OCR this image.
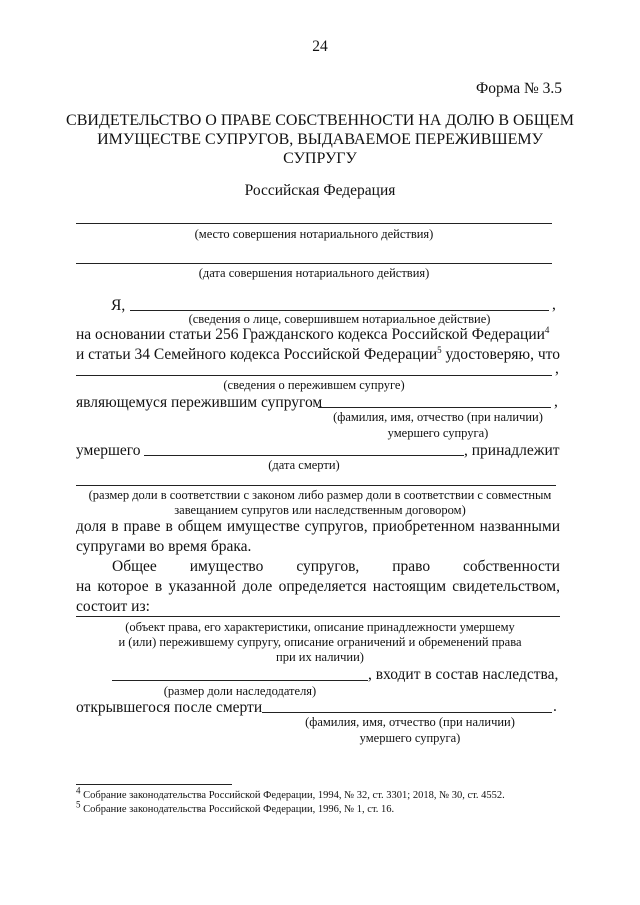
24
Форма № 3.5
СВИДЕТЕЛЬСТВО О ПРАВЕ СОБСТВЕННОСТИ НА ДОЛЮ В ОБЩЕМ
ИМУЩЕСТВЕ СУПРУГОВ, ВЫДАВАЕМОЕ ПЕРЕЖИВШЕМУ
СУПРУГУ
Российская Федерация
(место совершения нотариального действия)
(дата совершения нотариального действия)
Я,	,
(сведения о лице, совершившем нотариальное действие)
на основании статьи 256 Гражданского кодекса Российской Федерации$^4$
и статьи 34 Семейного кодекса Российской Федерации$^5$ удостоверяю, что
,
(сведения о пережившем супруге)
являющемуся пережившим супругом	,
(фамилия, имя, отчество (при наличии)
умершего супруга)
умершего	, принадлежит
(дата смерти)
(размер доли в соответствии с законом либо размер доли в соответствии с совместным
завещанием супругов или наследственным договором)
доля в праве в общем имуществе супругов, приобретенном названными
супругами во время брака.
Общее имущество супругов, право собственности
на которое в указанной доле определяется настоящим свидетельством,
состоит из:
(объект права, его характеристики, описание принадлежности умершему
и (или) пережившему супругу, описание ограничений и обременений права
при их наличии)
, входит в состав наследства,
(размер доли наследодателя)
открывшегося после смерти	.
(фамилия, имя, отчество (при наличии)
умершего супруга)
$^4$ Собрание законодательства Российской Федерации, 1994, № 32, ст. 3301; 2018, № 30, ст. 4552.
$^5$ Собрание законодательства Российской Федерации, 1996, № 1, ст. 16.
